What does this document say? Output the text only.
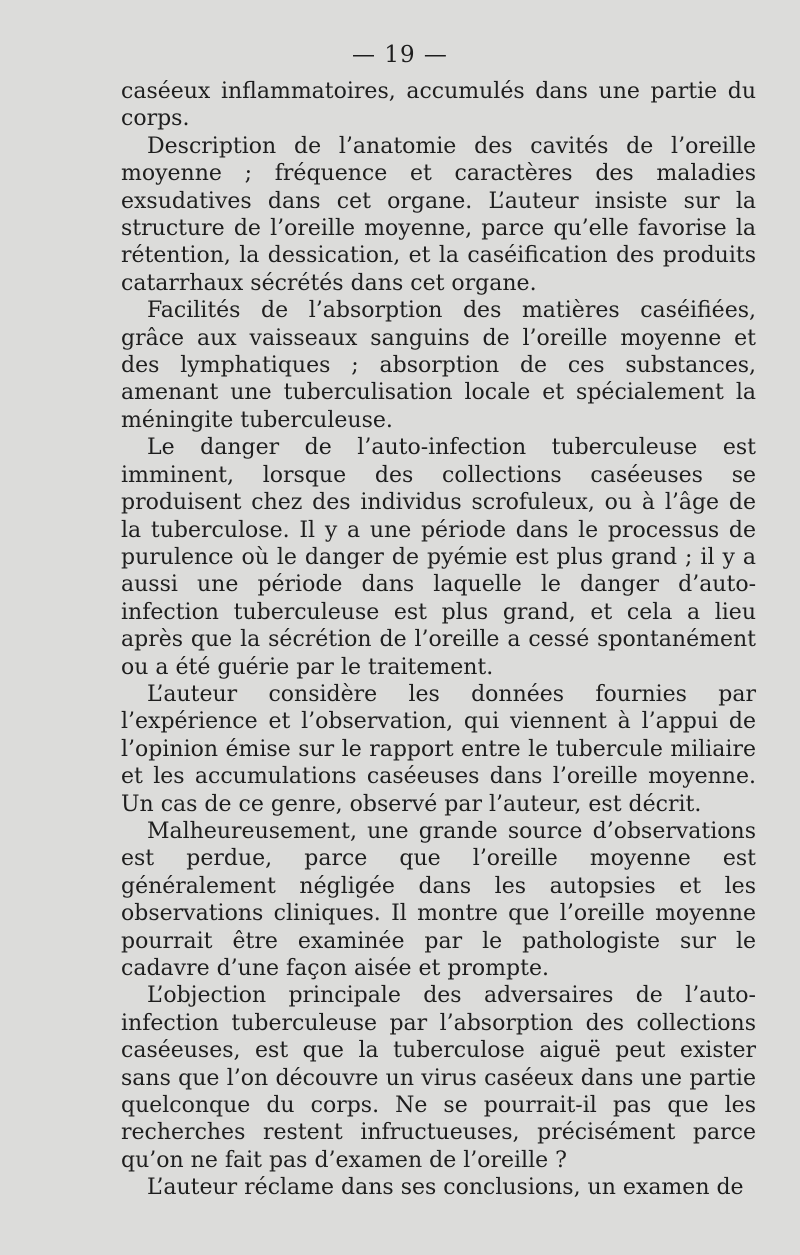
— 19 —

caséeux inflammatoires, accumulés dans une partie du corps.

Description de l’anatomie des cavités de l’oreille moyenne ; fréquence et caractères des maladies exsudatives dans cet organe. L’auteur insiste sur la structure de l’oreille moyenne, parce qu’elle favorise la rétention, la dessication, et la caséification des produits catarrhaux sécrétés dans cet organe.

Facilités de l’absorption des matières caséifiées, grâce aux vaisseaux sanguins de l’oreille moyenne et des lymphatiques ; absorption de ces substances, amenant une tuberculisation locale et spécialement la méningite tuberculeuse.

Le danger de l’auto-infection tuberculeuse est imminent, lorsque des collections caséeuses se produisent chez des individus scrofuleux, ou à l’âge de la tuberculose. Il y a une période dans le processus de purulence où le danger de pyémie est plus grand ; il y a aussi une période dans laquelle le danger d’auto-infection tuberculeuse est plus grand, et cela a lieu après que la sécrétion de l’oreille a cessé spontanément ou a été guérie par le traitement.

L’auteur considère les données fournies par l’expérience et l’observation, qui viennent à l’appui de l’opinion émise sur le rapport entre le tubercule miliaire et les accumulations caséeuses dans l’oreille moyenne. Un cas de ce genre, observé par l’auteur, est décrit.

Malheureusement, une grande source d’observations est perdue, parce que l’oreille moyenne est généralement négligée dans les autopsies et les observations cliniques. Il montre que l’oreille moyenne pourrait être examinée par le pathologiste sur le cadavre d’une façon aisée et prompte.

L’objection principale des adversaires de l’auto-infection tuberculeuse par l’absorption des collections caséeuses, est que la tuberculose aiguë peut exister sans que l’on découvre un virus caséeux dans une partie quelconque du corps. Ne se pourrait-il pas que les recherches restent infructueuses, précisément parce qu’on ne fait pas d’examen de l’oreille ?

L’auteur réclame dans ses conclusions, un examen de
